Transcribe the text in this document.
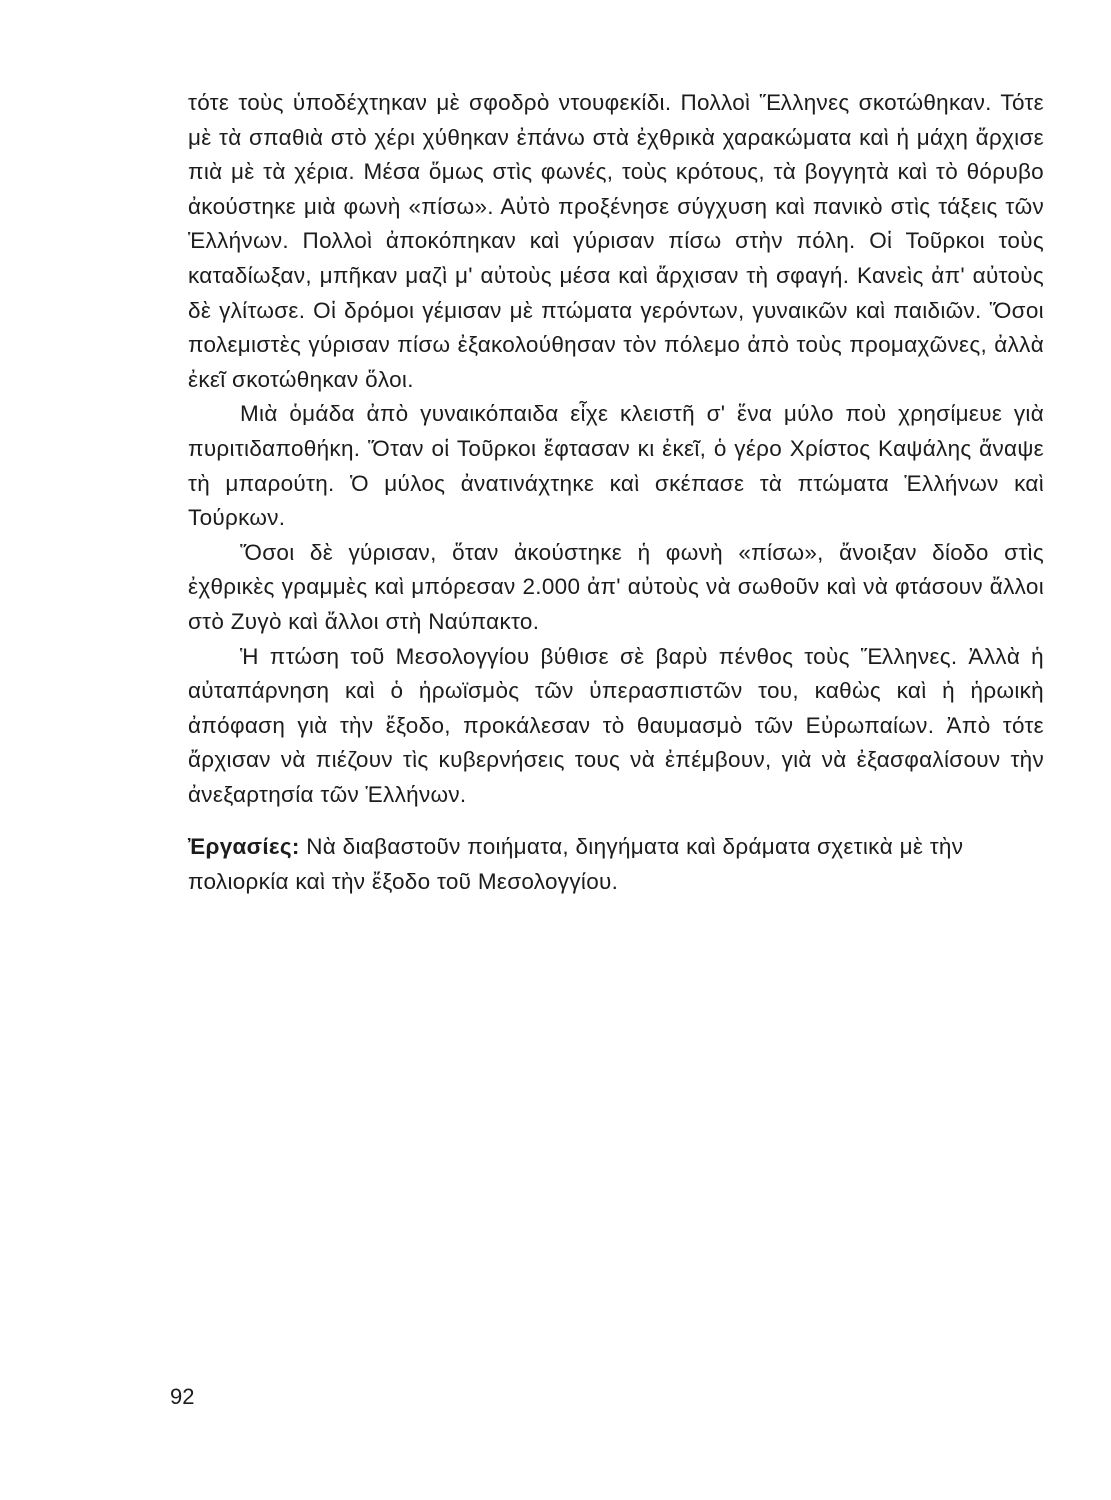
τότε τοὺς ὑποδέχτηκαν μὲ σφοδρὸ ντουφεκίδι. Πολλοὶ Ἕλληνες σκοτώθηκαν. Τότε μὲ τὰ σπαθιὰ στὸ χέρι χύθηκαν ἐπάνω στὰ ἐχθρικὰ χαρακώματα καὶ ἡ μάχη ἄρχισε πιὰ μὲ τὰ χέρια. Μέσα ὅμως στὶς φωνές, τοὺς κρότους, τὰ βογγητὰ καὶ τὸ θόρυβο ἀκούστηκε μιὰ φωνὴ «πίσω». Αὐτὸ προξένησε σύγχυση καὶ πανικὸ στὶς τάξεις τῶν Ἑλλήνων. Πολλοὶ ἀποκόπηκαν καὶ γύρισαν πίσω στὴν πόλη. Οἱ Τοῦρκοι τοὺς καταδίωξαν, μπῆκαν μαζὶ μ' αὐτοὺς μέσα καὶ ἄρχισαν τὴ σφαγή. Κανεὶς ἀπ' αὐτοὺς δὲ γλίτωσε. Οἱ δρόμοι γέμισαν μὲ πτώματα γερόντων, γυναικῶν καὶ παιδιῶν. Ὅσοι πολεμιστὲς γύρισαν πίσω ἐξακολούθησαν τὸν πόλεμο ἀπὸ τοὺς προμαχῶνες, ἀλλὰ ἐκεῖ σκοτώθηκαν ὅλοι.

Μιὰ ὁμάδα ἀπὸ γυναικόπαιδα εἶχε κλειστῆ σ' ἕνα μύλο ποὺ χρησίμευε γιὰ πυριτιδαποθήκη. Ὅταν οἱ Τοῦρκοι ἔφτασαν κι ἐκεῖ, ὁ γέρο Χρίστος Καψάλης ἄναψε τὴ μπαρούτη. Ὁ μύλος ἀνατινάχτηκε καὶ σκέπασε τὰ πτώματα Ἑλλήνων καὶ Τούρκων.

Ὅσοι δὲ γύρισαν, ὅταν ἀκούστηκε ἡ φωνὴ «πίσω», ἄνοιξαν δίοδο στὶς ἐχθρικὲς γραμμὲς καὶ μπόρεσαν 2.000 ἀπ' αὐτοὺς νὰ σωθοῦν καὶ νὰ φτάσουν ἄλλοι στὸ Ζυγὸ καὶ ἄλλοι στὴ Ναύπακτο.

Ἡ πτώση τοῦ Μεσολογγίου βύθισε σὲ βαρὺ πένθος τοὺς Ἕλληνες. Ἀλλὰ ἡ αὐταπάρνηση καὶ ὁ ἡρωϊσμὸς τῶν ὑπερασπιστῶν του, καθὼς καὶ ἡ ἡρωικὴ ἀπόφαση γιὰ τὴν ἔξοδο, προκάλεσαν τὸ θαυμασμὸ τῶν Εὐρωπαίων. Ἀπὸ τότε ἄρχισαν νὰ πιέζουν τὶς κυβερνήσεις τους νὰ ἐπέμβουν, γιὰ νὰ ἐξασφαλίσουν τὴν ἀνεξαρτησία τῶν Ἑλλήνων.

Ἐργασίες: Νὰ διαβαστοῦν ποιήματα, διηγήματα καὶ δράματα σχετικὰ μὲ τὴν πολιορκία καὶ τὴν ἔξοδο τοῦ Μεσολογγίου.

92
